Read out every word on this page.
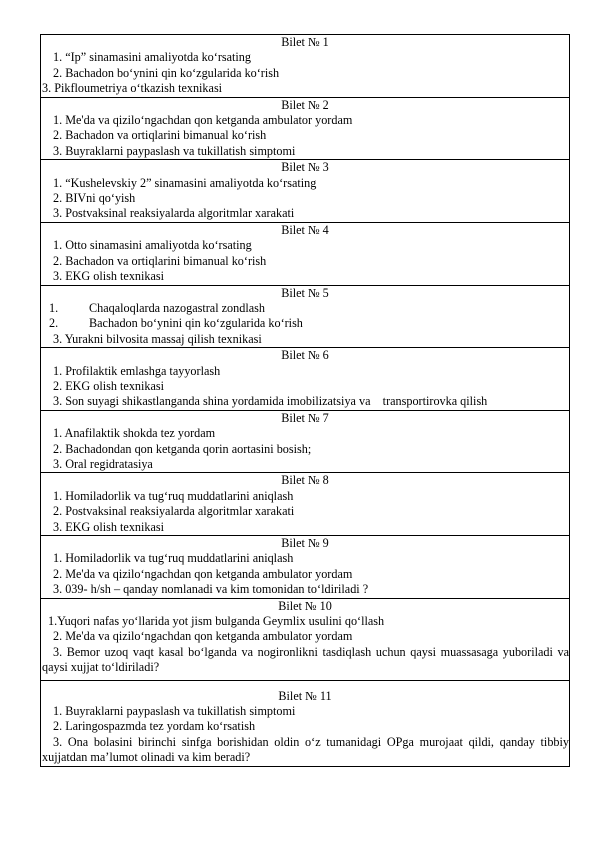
Bilet № 1
1. “Ip” sinamasini amaliyotda ko‘rsating
2. Bachadon bo‘ynini qin ko‘zgularida ko‘rish
3. Pikfloumetriya o‘tkazish texnikasi

Bilet № 2
1. Me'da va qizilo‘ngachdan qon ketganda ambulator yordam
2. Bachadon va ortiqlarini bimanual ko‘rish
3. Buyraklarni paypaslash va tukillatish simptomi

Bilet № 3
1. “Kushelevskiy 2” sinamasini amaliyotda ko‘rsating
2. BIVni qo‘yish
3. Postvaksinal reaksiyalarda algoritmlar xarakati

Bilet № 4
1. Otto sinamasini amaliyotda ko‘rsating
2. Bachadon va ortiqlarini bimanual ko‘rish
3. EKG olish texnikasi

Bilet № 5
1.	Chaqaloqlarda nazogastral zondlash
2.	Bachadon bo‘ynini qin ko‘zgularida ko‘rish
3. Yurakni bilvosita massaj qilish texnikasi

Bilet № 6
1. Profilaktik emlashga tayyorlash
2. EKG olish texnikasi
3. Son suyagi shikastlanganda shina yordamida imobilizatsiya va    transportirovka qilish

Bilet № 7
1. Anafilaktik shokda tez yordam
2. Bachadondan qon ketganda qorin aortasini bosish;
3. Oral regidratasiya

Bilet № 8
1. Homiladorlik va tug‘ruq muddatlarini aniqlash
2. Postvaksinal reaksiyalarda algoritmlar xarakati
3. EKG olish texnikasi

Bilet № 9
1. Homiladorlik va tug‘ruq muddatlarini aniqlash
2. Me'da va qizilo‘ngachdan qon ketganda ambulator yordam
3. 039- h/sh – qanday nomlanadi va kim tomonidan to‘ldiriladi ?

Bilet № 10
1.Yuqori nafas yo‘llarida yot jism bulganda Geymlix usulini qo‘llash
2. Me'da va qizilo‘ngachdan qon ketganda ambulator yordam
3. Bemor uzoq vaqt kasal bo‘lganda va nogironlikni tasdiqlash uchun qaysi muassasaga yuboriladi va qaysi xujjat to‘ldiriladi?

Bilet № 11
1. Buyraklarni paypaslash va tukillatish simptomi
2. Laringospazmda tez yordam ko‘rsatish
3. Ona bolasini birinchi sinfga borishidan oldin o‘z tumanidagi OPga murojaat qildi, qanday tibbiy xujjatdan ma’lumot olinadi va kim beradi?
